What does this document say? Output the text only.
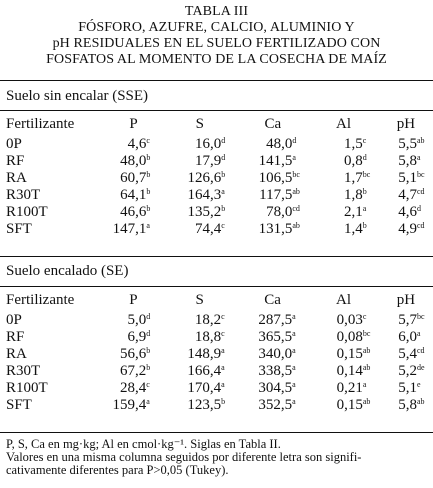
TABLA III
FÓSFORO, AZUFRE, CALCIO, ALUMINIO Y
pH RESIDUALES EN EL SUELO FERTILIZADO CON
FOSFATOS AL MOMENTO DE LA COSECHA DE MAÍZ
Suelo sin encalar (SSE)
Fertilizante	P	S	Ca	Al	pH
0P	4,6$^c$	16,0$^d$	48,0$^d$	1,5$^c$	5,5$^{ab}$
RF	48,0$^b$	17,9$^d$	141,5$^a$	0,8$^d$	5,8$^a$
RA	60,7$^b$	126,6$^b$	106,5$^{bc}$	1,7$^{bc}$	5,1$^{bc}$
R30T	64,1$^b$	164,3$^a$	117,5$^{ab}$	1,8$^b$	4,7$^{cd}$
R100T	46,6$^b$	135,2$^b$	78,0$^{cd}$	2,1$^a$	4,6$^d$
SFT	147,1$^a$	74,4$^c$	131,5$^{ab}$	1,4$^b$	4,9$^{cd}$
Suelo encalado (SE)
Fertilizante	P	S	Ca	Al	pH
0P	5,0$^d$	18,2$^c$	287,5$^a$	0,03$^c$	5,7$^{bc}$
RF	6,9$^d$	18,8$^c$	365,5$^a$	0,08$^{bc}$	6,0$^a$
RA	56,6$^b$	148,9$^a$	340,0$^a$	0,15$^{ab}$	5,4$^{cd}$
R30T	67,2$^b$	166,4$^a$	338,5$^a$	0,14$^{ab}$	5,2de
R100T	28,4$^c$	170,4$^a$	304,5$^a$	0,21$^a$	5,1e
SFT	159,4$^a$	123,5$^b$	352,5$^a$	0,15$^{ab}$	5,8$^{ab}$
P, S, Ca en mg·kg; Al en cmol·kg⁻¹. Siglas en Tabla II.
Valores en una misma columna seguidos por diferente letra son signifi-
cativamente diferentes para P>0,05 (Tukey).
